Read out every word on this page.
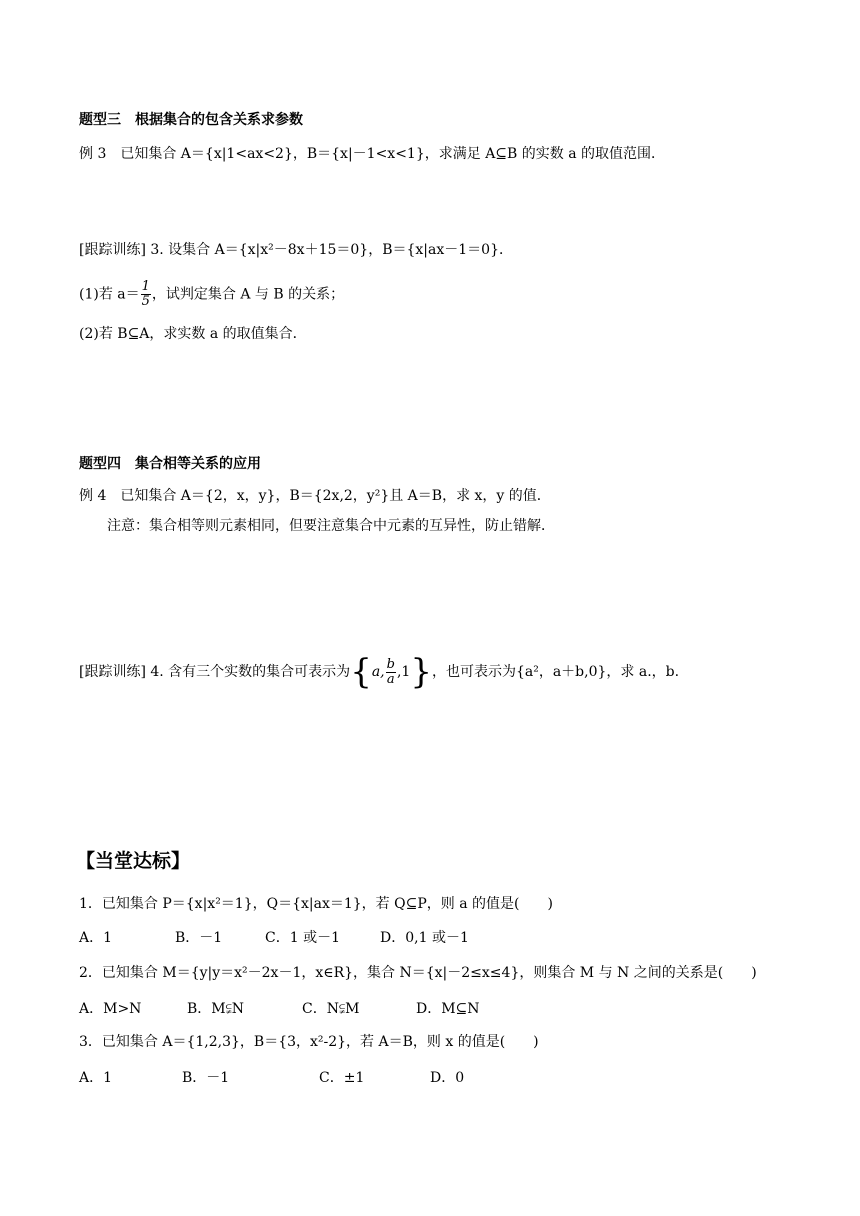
题型三　根据集合的包含关系求参数
例 3　已知集合 A＝{x|1<ax<2}，B＝{x|－1<x<1}，求满足 A⊆B 的实数 a 的取值范围．
[跟踪训练] 3. 设集合 A＝{x|x²－8x＋15＝0}，B＝{x|ax－1＝0}．
(1)若 $a= \frac{1}{5}$ ，试判定集合 A 与 B 的关系；
(2)若 B⊆A，求实数 a 的取值集合．
题型四　集合相等关系的应用
例 4　已知集合 A＝{2，x，y}，B＝{2x,2，y²}且 A＝B，求 x，y 的值．
注意：集合相等则元素相同，但要注意集合中元素的互异性，防止错解．
[跟踪训练] 4. 含有三个实数的集合可表示为{a, $\frac{b}{a} ,1$}，也可表示为{a²，a＋b,0}，求 a.，b.
【当堂达标】
1．已知集合 P＝{x|x²＝1}，Q＝{x|ax＝1}，若 Q⊆P，则 a 的值是(　　)
A．1	B．－1	C．1 或－1	D．0,1 或－1
2．已知集合 M＝{y|y＝x²－2x－1，x∈R}，集合 N＝{x|－2≤x≤4}，则集合 M 与 N 之间的关系是(　　)
A．M>N	B．M⫋N	C．N⫋M	D．M⊆N
3．已知集合 A＝{1,2,3}，B＝{3，x²-2}，若 A＝B，则 x 的值是(　　)
A．1	B．－1	C．±1	D．0
